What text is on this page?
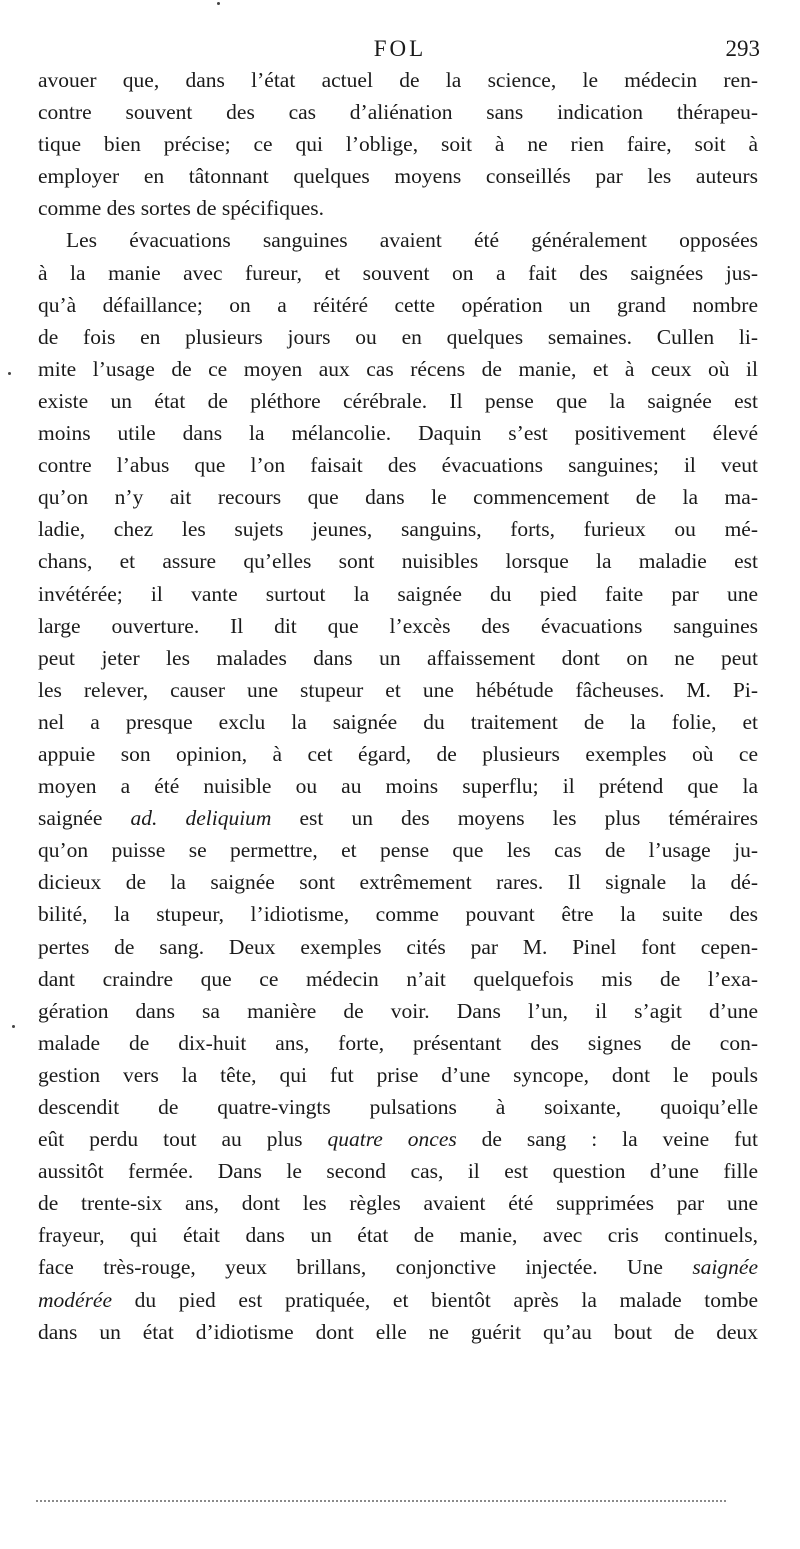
FOL	293
avouer que, dans l’état actuel de la science, le médecin ren-
contre souvent des cas d’aliénation sans indication thérapeu-
tique bien précise; ce qui l’oblige, soit à ne rien faire, soit à
employer en tâtonnant quelques moyens conseillés par les auteurs
comme des sortes de spécifiques.
Les évacuations sanguines avaient été généralement opposées
à la manie avec fureur, et souvent on a fait des saignées jus-
qu’à défaillance; on a réitéré cette opération un grand nombre
de fois en plusieurs jours ou en quelques semaines. Cullen li-
mite l’usage de ce moyen aux cas récens de manie, et à ceux où il
existe un état de pléthore cérébrale. Il pense que la saignée est
moins utile dans la mélancolie. Daquin s’est positivement élevé
contre l’abus que l’on faisait des évacuations sanguines; il veut
qu’on n’y ait recours que dans le commencement de la ma-
ladie, chez les sujets jeunes, sanguins, forts, furieux ou mé-
chans, et assure qu’elles sont nuisibles lorsque la maladie est
invétérée; il vante surtout la saignée du pied faite par une
large ouverture. Il dit que l’excès des évacuations sanguines
peut jeter les malades dans un affaissement dont on ne peut
les relever, causer une stupeur et une hébétude fâcheuses. M. Pi-
nel a presque exclu la saignée du traitement de la folie, et
appuie son opinion, à cet égard, de plusieurs exemples où ce
moyen a été nuisible ou au moins superflu; il prétend que la
saignée ad. deliquium est un des moyens les plus téméraires
qu’on puisse se permettre, et pense que les cas de l’usage ju-
dicieux de la saignée sont extrêmement rares. Il signale la dé-
bilité, la stupeur, l’idiotisme, comme pouvant être la suite des
pertes de sang. Deux exemples cités par M. Pinel font cepen-
dant craindre que ce médecin n’ait quelquefois mis de l’exa-
gération dans sa manière de voir. Dans l’un, il s’agit d’une
malade de dix-huit ans, forte, présentant des signes de con-
gestion vers la tête, qui fut prise d’une syncope, dont le pouls
descendit de quatre-vingts pulsations à soixante, quoiqu’elle
eût perdu tout au plus quatre onces de sang : la veine fut
aussitôt fermée. Dans le second cas, il est question d’une fille
de trente-six ans, dont les règles avaient été supprimées par une
frayeur, qui était dans un état de manie, avec cris continuels,
face très-rouge, yeux brillans, conjonctive injectée. Une saignée
modérée du pied est pratiquée, et bientôt après la malade tombe
dans un état d’idiotisme dont elle ne guérit qu’au bout de deux
